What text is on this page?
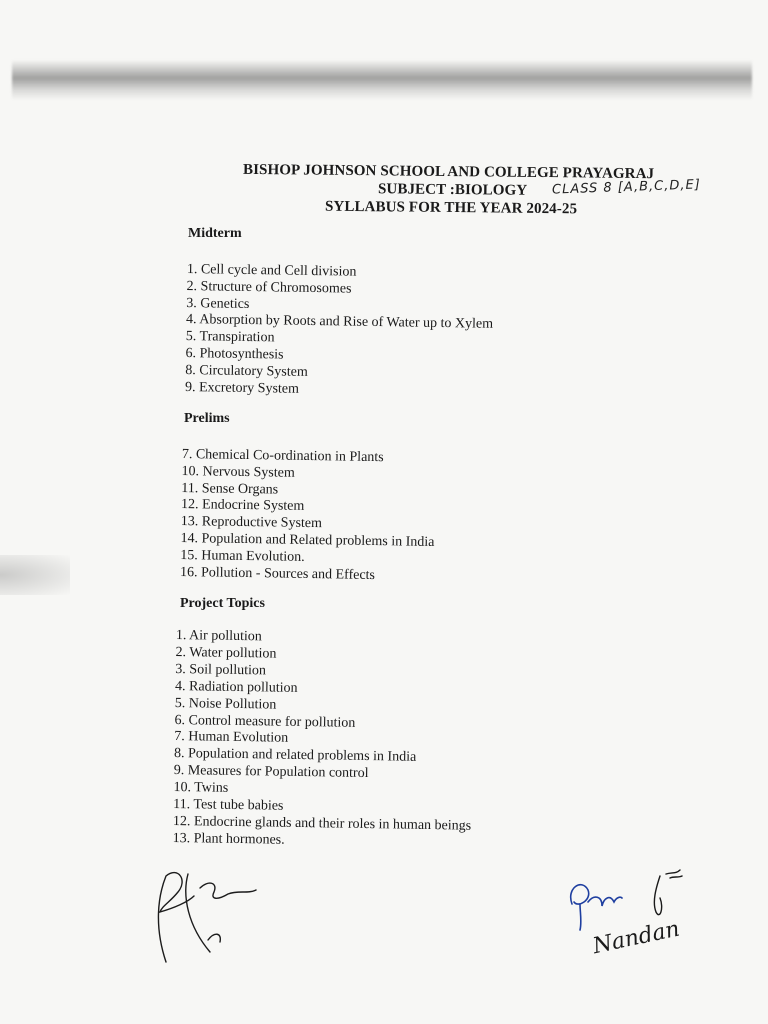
BISHOP JOHNSON SCHOOL AND COLLEGE PRAYAGRAJ
SUBJECT :BIOLOGY CLASS 8 [A,B,C,D,E]
SYLLABUS FOR THE YEAR 2024-25
Midterm
1. Cell cycle and Cell division
2. Structure of Chromosomes
3. Genetics
4. Absorption by Roots and Rise of Water up to Xylem
5. Transpiration
6. Photosynthesis
8. Circulatory System
9. Excretory System
Prelims
7. Chemical Co-ordination in Plants
10. Nervous System
11. Sense Organs
12. Endocrine System
13. Reproductive System
14. Population and Related problems in India
15. Human Evolution.
16. Pollution - Sources and Effects
Project Topics
1. Air pollution
2. Water pollution
3. Soil pollution
4. Radiation pollution
5. Noise Pollution
6. Control measure for pollution
7. Human Evolution
8. Population and related problems in India
9. Measures for Population control
10. Twins
11. Test tube babies
12. Endocrine glands and their roles in human beings
13. Plant hormones.
Nandan
